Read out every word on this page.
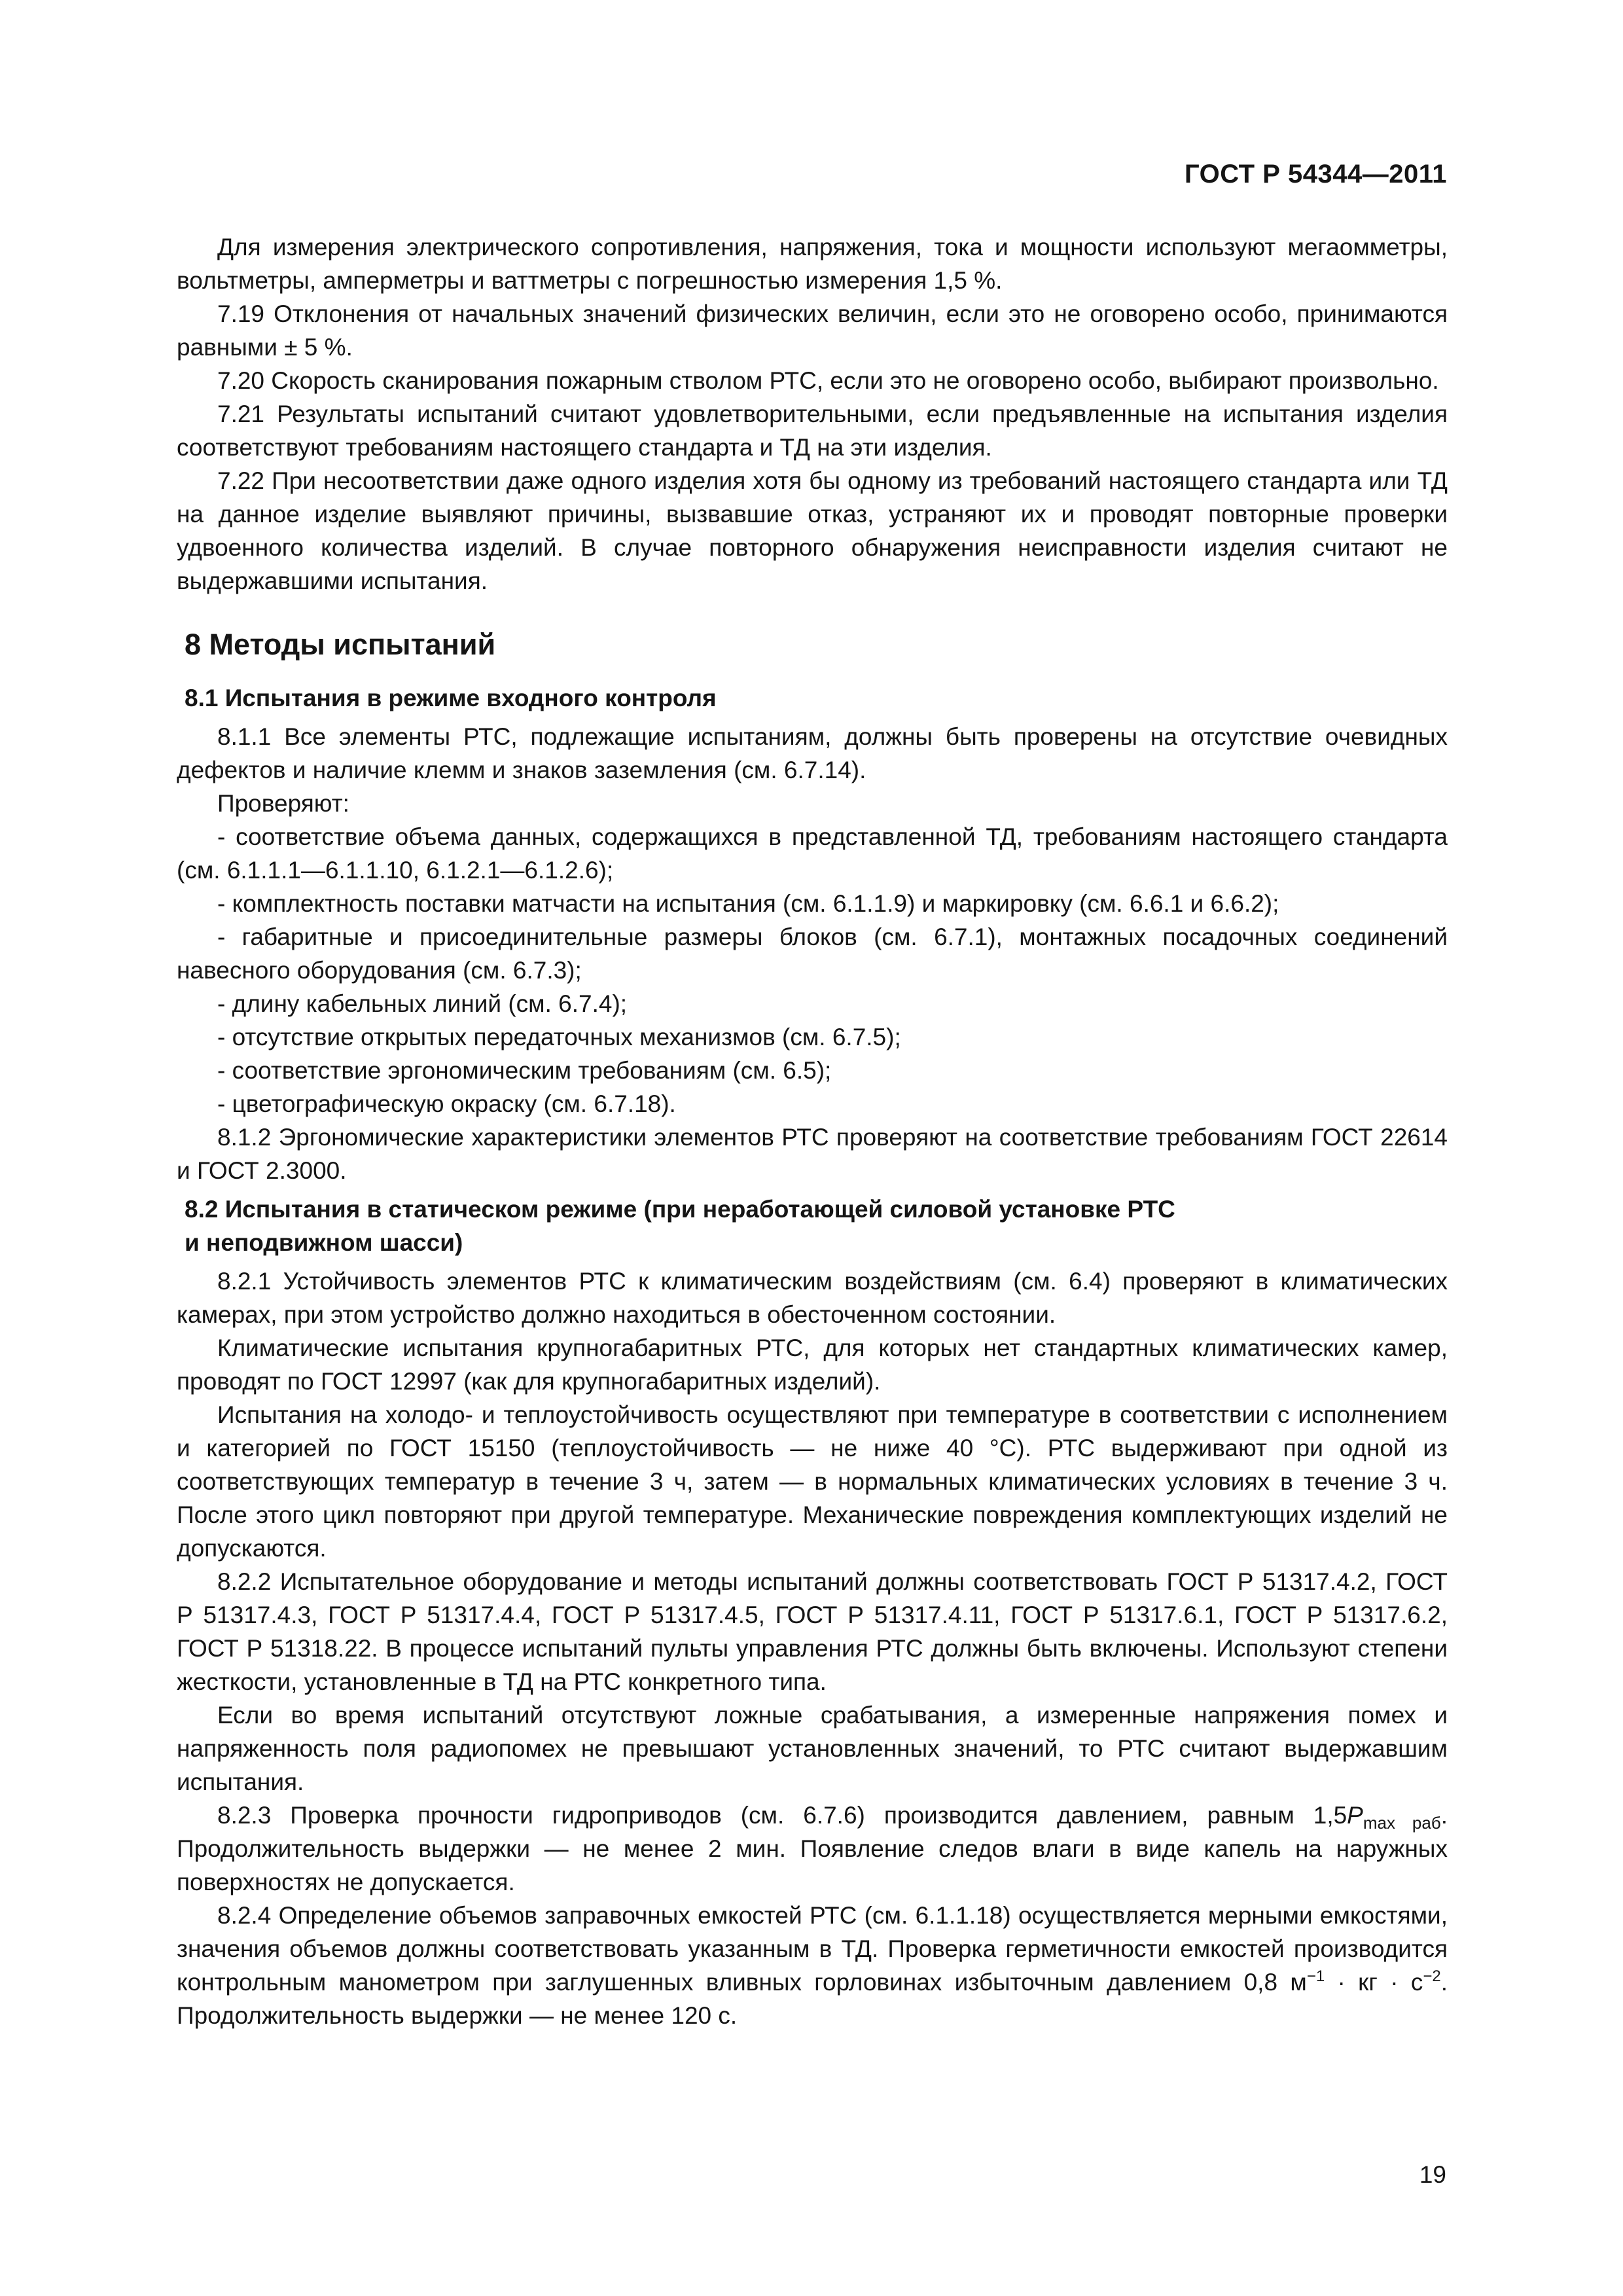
ГОСТ Р 54344—2011

Для измерения электрического сопротивления, напряжения, тока и мощности используют мегаомметры, вольтметры, амперметры и ваттметры с погрешностью измерения 1,5 %.

7.19 Отклонения от начальных значений физических величин, если это не оговорено особо, принимаются равными ± 5 %.

7.20 Скорость сканирования пожарным стволом РТС, если это не оговорено особо, выбирают произвольно.

7.21 Результаты испытаний считают удовлетворительными, если предъявленные на испытания изделия соответствуют требованиям настоящего стандарта и ТД на эти изделия.

7.22 При несоответствии даже одного изделия хотя бы одному из требований настоящего стандарта или ТД на данное изделие выявляют причины, вызвавшие отказ, устраняют их и проводят повторные проверки удвоенного количества изделий. В случае повторного обнаружения неисправности изделия считают не выдержавшими испытания.

8 Методы испытаний
8.1 Испытания в режиме входного контроля

8.1.1 Все элементы РТС, подлежащие испытаниям, должны быть проверены на отсутствие очевидных дефектов и наличие клемм и знаков заземления (см. 6.7.14).

Проверяют:

- соответствие объема данных, содержащихся в представленной ТД, требованиям настоящего стандарта (см. 6.1.1.1—6.1.1.10, 6.1.2.1—6.1.2.6);

- комплектность поставки матчасти на испытания (см. 6.1.1.9) и маркировку (см. 6.6.1 и 6.6.2);

- габаритные и присоединительные размеры блоков (см. 6.7.1), монтажных посадочных соединений навесного оборудования (см. 6.7.3);

- длину кабельных линий (см. 6.7.4);

- отсутствие открытых передаточных механизмов (см. 6.7.5);

- соответствие эргономическим требованиям (см. 6.5);

- цветографическую окраску (см. 6.7.18).

8.1.2 Эргономические характеристики элементов РТС проверяют на соответствие требованиям ГОСТ 22614 и ГОСТ 2.3000.

8.2 Испытания в статическом режиме (при неработающей силовой установке РТС
и неподвижном шасси)

8.2.1 Устойчивость элементов РТС к климатическим воздействиям (см. 6.4) проверяют в климатических камерах, при этом устройство должно находиться в обесточенном состоянии.

Климатические испытания крупногабаритных РТС, для которых нет стандартных климатических камер, проводят по ГОСТ 12997 (как для крупногабаритных изделий).

Испытания на холодо- и теплоустойчивость осуществляют при температуре в соответствии с исполнением и категорией по ГОСТ 15150 (теплоустойчивость — не ниже 40 °С). РТС выдерживают при одной из соответствующих температур в течение 3 ч, затем — в нормальных климатических условиях в течение 3 ч. После этого цикл повторяют при другой температуре. Механические повреждения комплектующих изделий не допускаются.

8.2.2 Испытательное оборудование и методы испытаний должны соответствовать ГОСТ Р 51317.4.2, ГОСТ Р 51317.4.3, ГОСТ Р 51317.4.4, ГОСТ Р 51317.4.5, ГОСТ Р 51317.4.11, ГОСТ Р 51317.6.1, ГОСТ Р 51317.6.2, ГОСТ Р 51318.22. В процессе испытаний пульты управления РТС должны быть включены. Используют степени жесткости, установленные в ТД на РТС конкретного типа.

Если во время испытаний отсутствуют ложные срабатывания, а измеренные напряжения помех и напряженность поля радиопомех не превышают установленных значений, то РТС считают выдержавшим испытания.

8.2.3 Проверка прочности гидроприводов (см. 6.7.6) производится давлением, равным $1,5P_{max раб}$. Продолжительность выдержки — не менее 2 мин. Появление следов влаги в виде капель на наружных поверхностях не допускается.

8.2.4 Определение объемов заправочных емкостей РТС (см. 6.1.1.18) осуществляется мерными емкостями, значения объемов должны соответствовать указанным в ТД. Проверка герметичности емкостей производится контрольным манометром при заглушенных вливных горловинах избыточным давлением 0,8 $м^{-1}$ · кг · $с^{-2}$. Продолжительность выдержки — не менее 120 с.

19
